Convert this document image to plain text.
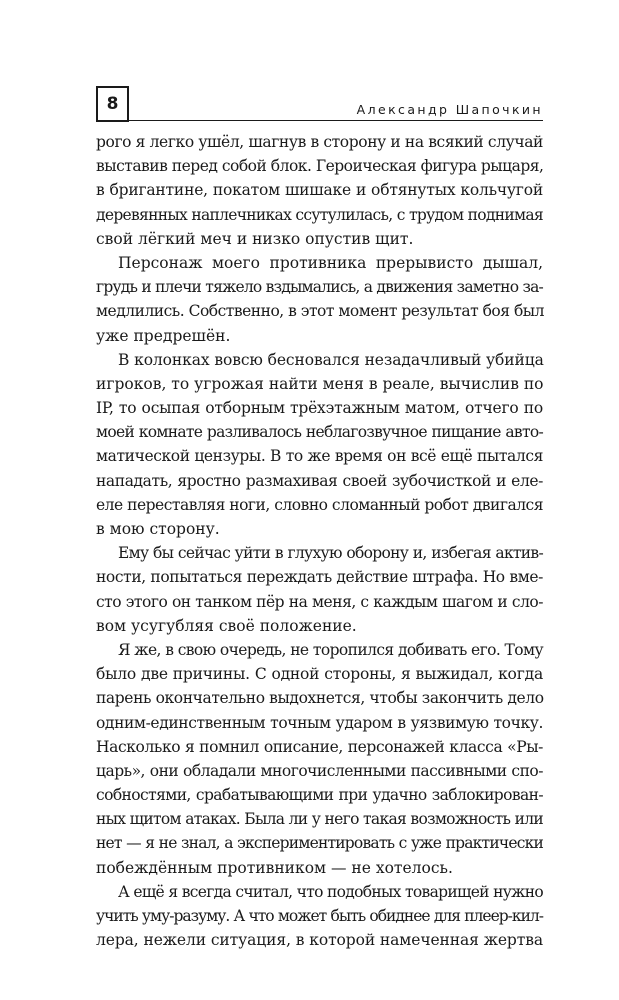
8	Александр Шапочкин
рого я легко ушёл, шагнув в сторону и на всякий случай
выставив перед собой блок. Героическая фигура рыцаря,
в бригантине, покатом шишаке и обтянутых кольчугой
деревянных наплечниках ссутулилась, с трудом поднимая
свой лёгкий меч и низко опустив щит.
Персонаж моего противника прерывисто дышал,
грудь и плечи тяжело вздымались, а движения заметно за-
медлились. Собственно, в этот момент результат боя был
уже предрешён.
В колонках вовсю бесновался незадачливый убийца
игроков, то угрожая найти меня в реале, вычислив по
IP, то осыпая отборным трёхэтажным матом, отчего по
моей комнате разливалось неблагозвучное пищание авто-
матической цензуры. В то же время он всё ещё пытался
нападать, яростно размахивая своей зубочисткой и еле-
еле переставляя ноги, словно сломанный робот двигался
в мою сторону.
Ему бы сейчас уйти в глухую оборону и, избегая актив-
ности, попытаться переждать действие штрафа. Но вме-
сто этого он танком пёр на меня, с каждым шагом и сло-
вом усугубляя своё положение.
Я же, в свою очередь, не торопился добивать его. Тому
было две причины. С одной стороны, я выжидал, когда
парень окончательно выдохнется, чтобы закончить дело
одним-единственным точным ударом в уязвимую точку.
Насколько я помнил описание, персонажей класса «Ры-
царь», они обладали многочисленными пассивными спо-
собностями, срабатывающими при удачно заблокирован-
ных щитом атаках. Была ли у него такая возможность или
нет — я не знал, а экспериментировать с уже практически
побеждённым противником — не хотелось.
А ещё я всегда считал, что подобных товарищей нужно
учить уму-разуму. А что может быть обиднее для плеер-кил-
лера, нежели ситуация, в которой намеченная жертва
